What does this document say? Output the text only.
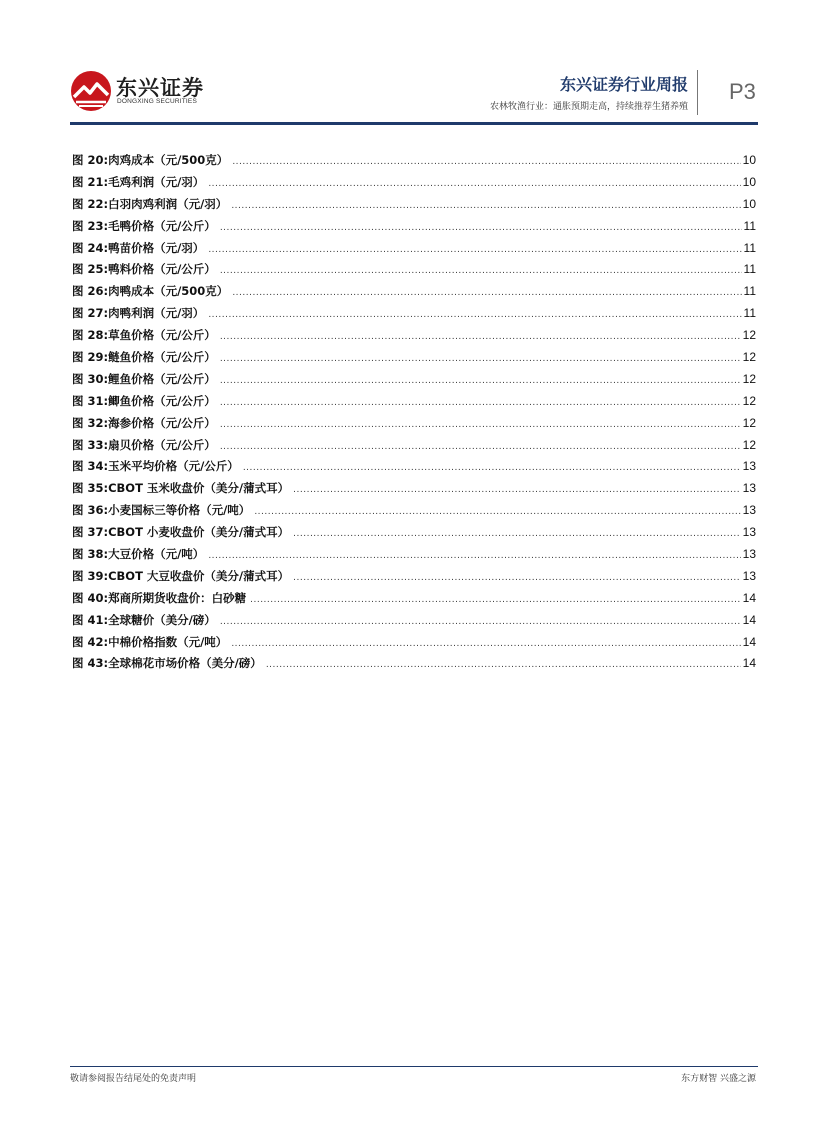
东兴证券
DONGXING SECURITIES
东兴证券行业周报
农林牧渔行业：通胀预期走高，持续推荐生猪养殖
P3
图 20:肉鸡成本（元/500克） .....	10
图 21:毛鸡利润（元/羽） .....	10
图 22:白羽肉鸡利润（元/羽） .....	10
图 23:毛鸭价格（元/公斤） .....	11
图 24:鸭苗价格（元/羽） .....	11
图 25:鸭料价格（元/公斤） .....	11
图 26:肉鸭成本（元/500克） .....	11
图 27:肉鸭利润（元/羽） .....	11
图 28:草鱼价格（元/公斤） .....	12
图 29:鲢鱼价格（元/公斤） .....	12
图 30:鲤鱼价格（元/公斤） .....	12
图 31:鲫鱼价格（元/公斤） .....	12
图 32:海参价格（元/公斤） .....	12
图 33:扇贝价格（元/公斤） .....	12
图 34:玉米平均价格（元/公斤） .....	13
图 35:CBOT 玉米收盘价（美分/蒲式耳） .....	13
图 36:小麦国标三等价格（元/吨） .....	13
图 37:CBOT 小麦收盘价（美分/蒲式耳） .....	13
图 38:大豆价格（元/吨） .....	13
图 39:CBOT 大豆收盘价（美分/蒲式耳） .....	13
图 40:郑商所期货收盘价：白砂糖 .....	14
图 41:全球糖价（美分/磅） .....	14
图 42:中棉价格指数（元/吨） .....	14
图 43:全球棉花市场价格（美分/磅） .....	14
敬请参阅报告结尾处的免责声明	东方财智 兴盛之源
